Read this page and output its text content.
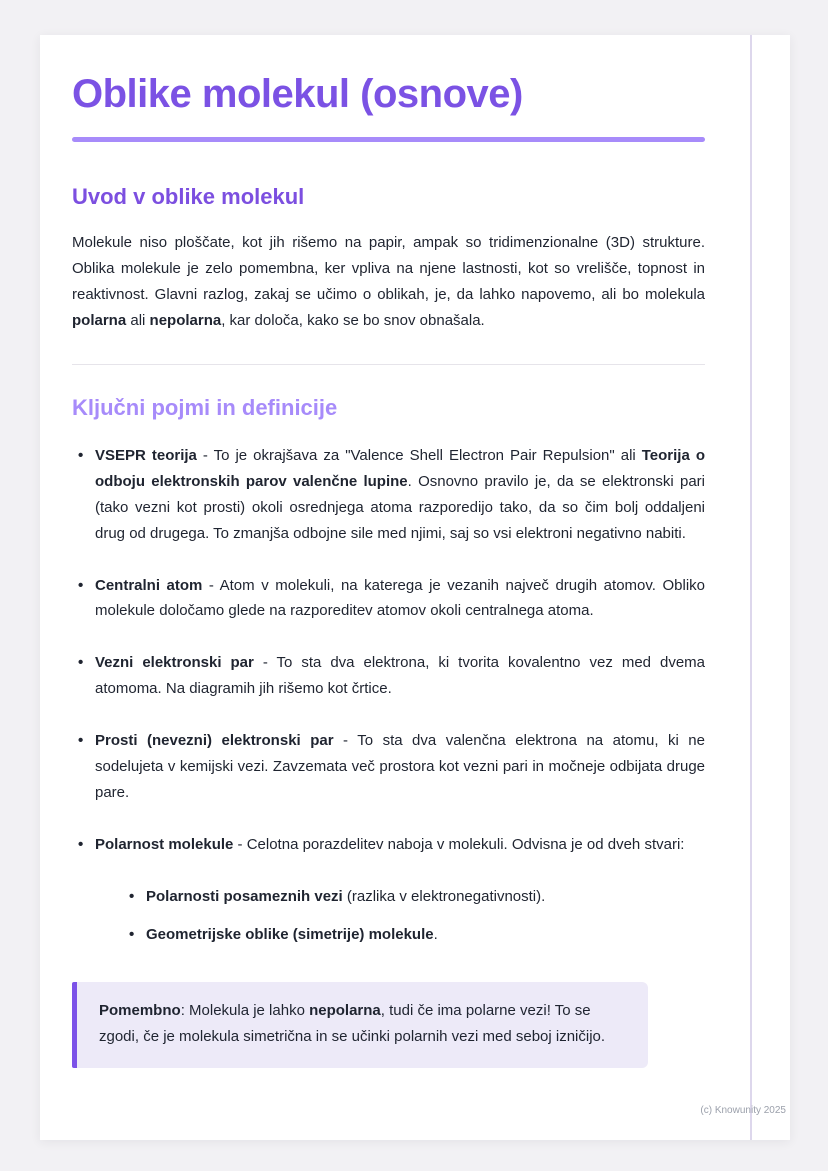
Oblike molekul (osnove)
Uvod v oblike molekul

Molekule niso ploščate, kot jih rišemo na papir, ampak so tridimenzionalne (3D) strukture. Oblika molekule je zelo pomembna, ker vpliva na njene lastnosti, kot so vrelišče, topnost in reaktivnost. Glavni razlog, zakaj se učimo o oblikah, je, da lahko napovemo, ali bo molekula polarna ali nepolarna, kar določa, kako se bo snov obnašala.

Ključni pojmi in definicije
• VSEPR teorija - To je okrajšava za "Valence Shell Electron Pair Repulsion" ali Teorija o odboju elektronskih parov valenčne lupine. Osnovno pravilo je, da se elektronski pari (tako vezni kot prosti) okoli osrednjega atoma razporedijo tako, da so čim bolj oddaljeni drug od drugega. To zmanjša odbojne sile med njimi, saj so vsi elektroni negativno nabiti.
• Centralni atom - Atom v molekuli, na katerega je vezanih največ drugih atomov. Obliko molekule določamo glede na razporeditev atomov okoli centralnega atoma.
• Vezni elektronski par - To sta dva elektrona, ki tvorita kovalentno vez med dvema atomoma. Na diagramih jih rišemo kot črtice.
• Prosti (nevezni) elektronski par - To sta dva valenčna elektrona na atomu, ki ne sodelujeta v kemijski vezi. Zavzemata več prostora kot vezni pari in močneje odbijata druge pare.
• Polarnost molekule - Celotna porazdelitev naboja v molekuli. Odvisna je od dveh stvari:
• Polarnosti posameznih vezi (razlika v elektronegativnosti).
• Geometrijske oblike (simetrije) molekule.

Pomembno: Molekula je lahko nepolarna, tudi če ima polarne vezi! To se zgodi, če je molekula simetrična in se učinki polarnih vezi med seboj izničijo.

(c) Knowunity 2025
